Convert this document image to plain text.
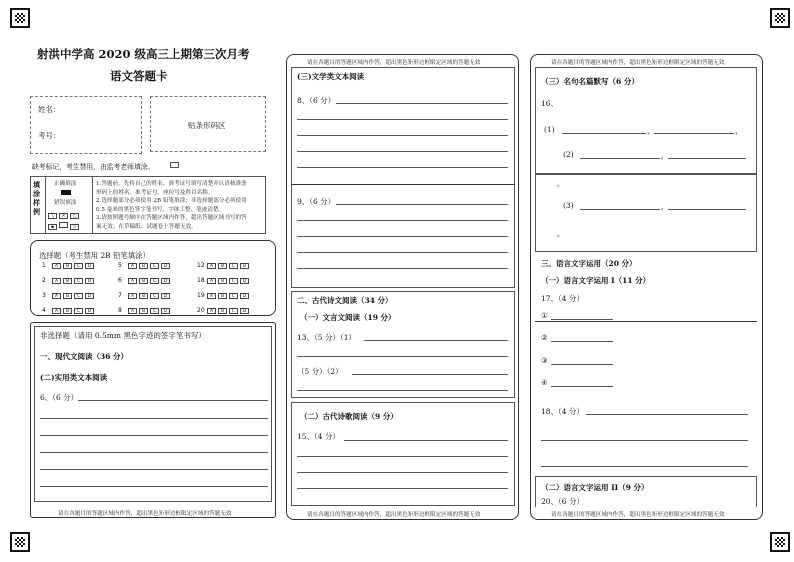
射洪中学高 2020 级高三上期第三次月考
语文答题卡
姓名：
考号：
贴条形码区
缺考标记，考生禁用，由监考老师填涂。
填涂样例
正确填涂
错误填涂
╲ ✕ ○
▪	▫
1.答题前，先将自己的姓名、准考证号填写清楚并认真核准条
形码上的姓名、准考证号、座位号及科目名称。
2.选择题部分必须使用 2B 铅笔填涂；非选择题部分必须使用
0.5 毫米的黑色签字笔书写，字体工整、笔迹清楚。
3.请按照题号顺序在答题区域内作答，超出答题区域书写的答
案无效；在草稿纸、试题卷上答题无效。
选择题（考生禁用 2B 铅笔填涂）
1	A	B	C	D
2	A	B	C	D
3	A	B	C	D
4	A	B	C	D
5	A	B	C	D
6	A	B	C	D
7	A	B	C	D
8	A	B	C	D
12	A	B	C	D
18	A	B	C	D
19	A	B	C	D
20	A	B	C	D
非选择题（请用 0.5mm 黑色字迹的签字笔书写）
一、现代文阅读（36 分）
(二)实用类文本阅读
6、（6 分）
请在各题目的答题区域内作答，超出黑色矩形边框限定区域的答题无效
请在各题目的答题区域内作答，超出黑色矩形边框限定区域的答题无效
(三)文学类文本阅读
8、（6 分）
9、（6 分）
二、古代诗文阅读（34 分）
（一）文言文阅读（19 分）
13、（5 分）（1）
（5 分）（2）
（二）古代诗歌阅读（9 分）
15、（4 分）
请在各题目的答题区域内作答，超出黑色矩形边框限定区域的答题无效
请在各题目的答题区域内作答，超出黑色矩形边框限定区域的答题无效
（三）名句名篇默写（6 分）
16、
(1)	，	，
(2)	，
。
(3)	，
。
三、语言文字运用（20 分）
（一）语言文字运用 I（11 分）
17、（4 分）
①
②
③
④
18、（4 分）
（二）语言文字运用 II（9 分）
20、（6 分）
请在各题目的答题区域内作答，超出黑色矩形边框限定区域的答题无效
